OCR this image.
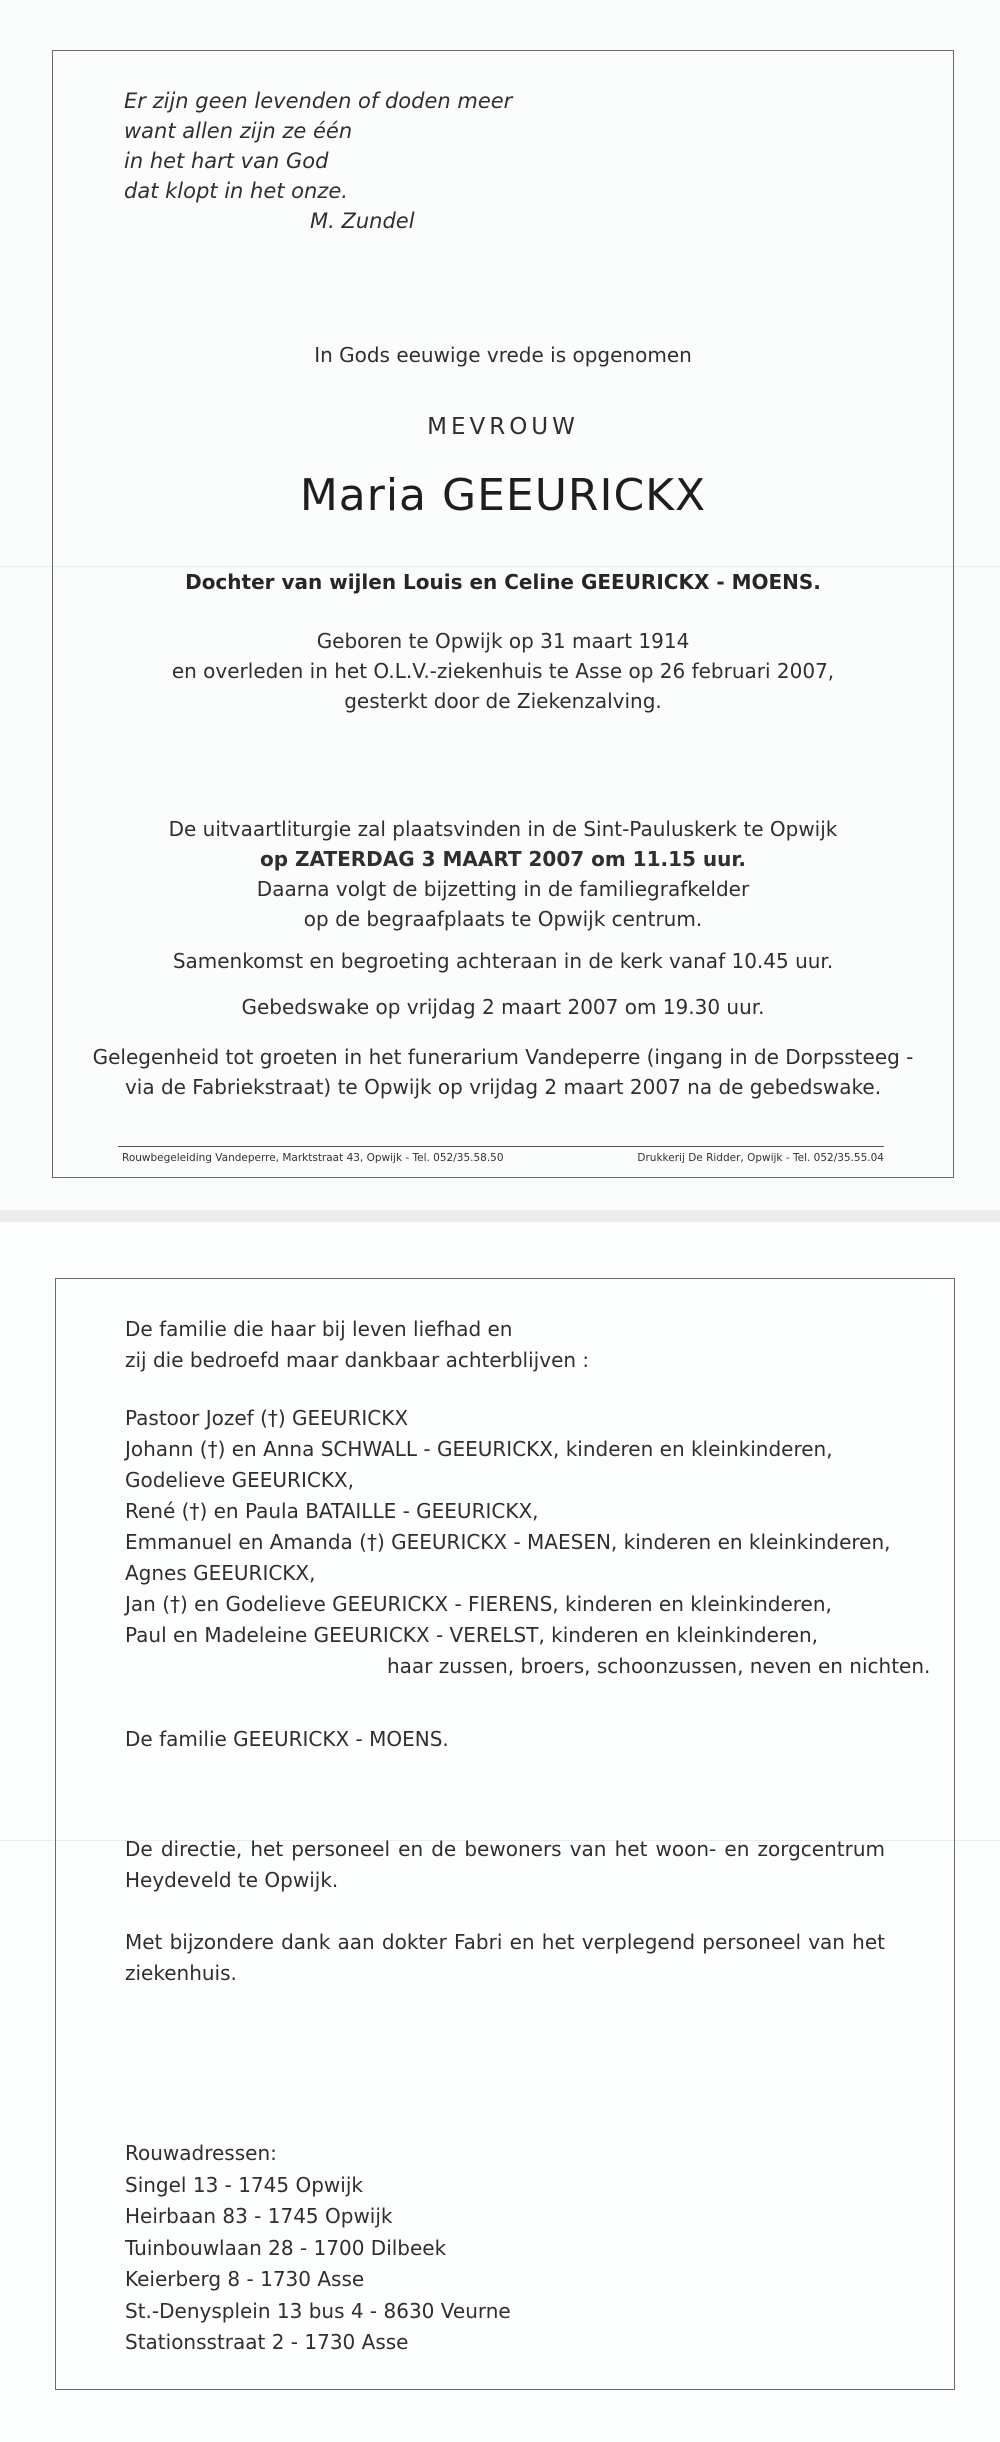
Er zijn geen levenden of doden meer
want allen zijn ze één
in het hart van God
dat klopt in het onze.
M. Zundel
In Gods eeuwige vrede is opgenomen
MEVROUW
Maria GEEURICKX
Dochter van wijlen Louis en Celine GEEURICKX - MOENS.
Geboren te Opwijk op 31 maart 1914
en overleden in het O.L.V.-ziekenhuis te Asse op 26 februari 2007,
gesterkt door de Ziekenzalving.
De uitvaartliturgie zal plaatsvinden in de Sint-Pauluskerk te Opwijk
op ZATERDAG 3 MAART 2007 om 11.15 uur.
Daarna volgt de bijzetting in de familiegrafkelder
op de begraafplaats te Opwijk centrum.
Samenkomst en begroeting achteraan in de kerk vanaf 10.45 uur.
Gebedswake op vrijdag 2 maart 2007 om 19.30 uur.
Gelegenheid tot groeten in het funerarium Vandeperre (ingang in de Dorpssteeg -
via de Fabriekstraat) te Opwijk op vrijdag 2 maart 2007 na de gebedswake.
Rouwbegeleiding Vandeperre, Marktstraat 43, Opwijk - Tel. 052/35.58.50	Drukkerij De Ridder, Opwijk - Tel. 052/35.55.04
De familie die haar bij leven liefhad en
zij die bedroefd maar dankbaar achterblijven :
Pastoor Jozef (†) GEEURICKX
Johann (†) en Anna SCHWALL - GEEURICKX, kinderen en kleinkinderen,
Godelieve GEEURICKX,
René (†) en Paula BATAILLE - GEEURICKX,
Emmanuel en Amanda (†) GEEURICKX - MAESEN, kinderen en kleinkinderen,
Agnes GEEURICKX,
Jan (†) en Godelieve GEEURICKX - FIERENS, kinderen en kleinkinderen,
Paul en Madeleine GEEURICKX - VERELST, kinderen en kleinkinderen,
haar zussen, broers, schoonzussen, neven en nichten.
De familie GEEURICKX - MOENS.
De directie, het personeel en de bewoners van het woon- en zorgcentrum Heydeveld te Opwijk.
Met bijzondere dank aan dokter Fabri en het verplegend personeel van het ziekenhuis.
Rouwadressen:
Singel 13 - 1745 Opwijk
Heirbaan 83 - 1745 Opwijk
Tuinbouwlaan 28 - 1700 Dilbeek
Keierberg 8 - 1730 Asse
St.-Denysplein 13 bus 4 - 8630 Veurne
Stationsstraat 2 - 1730 Asse
